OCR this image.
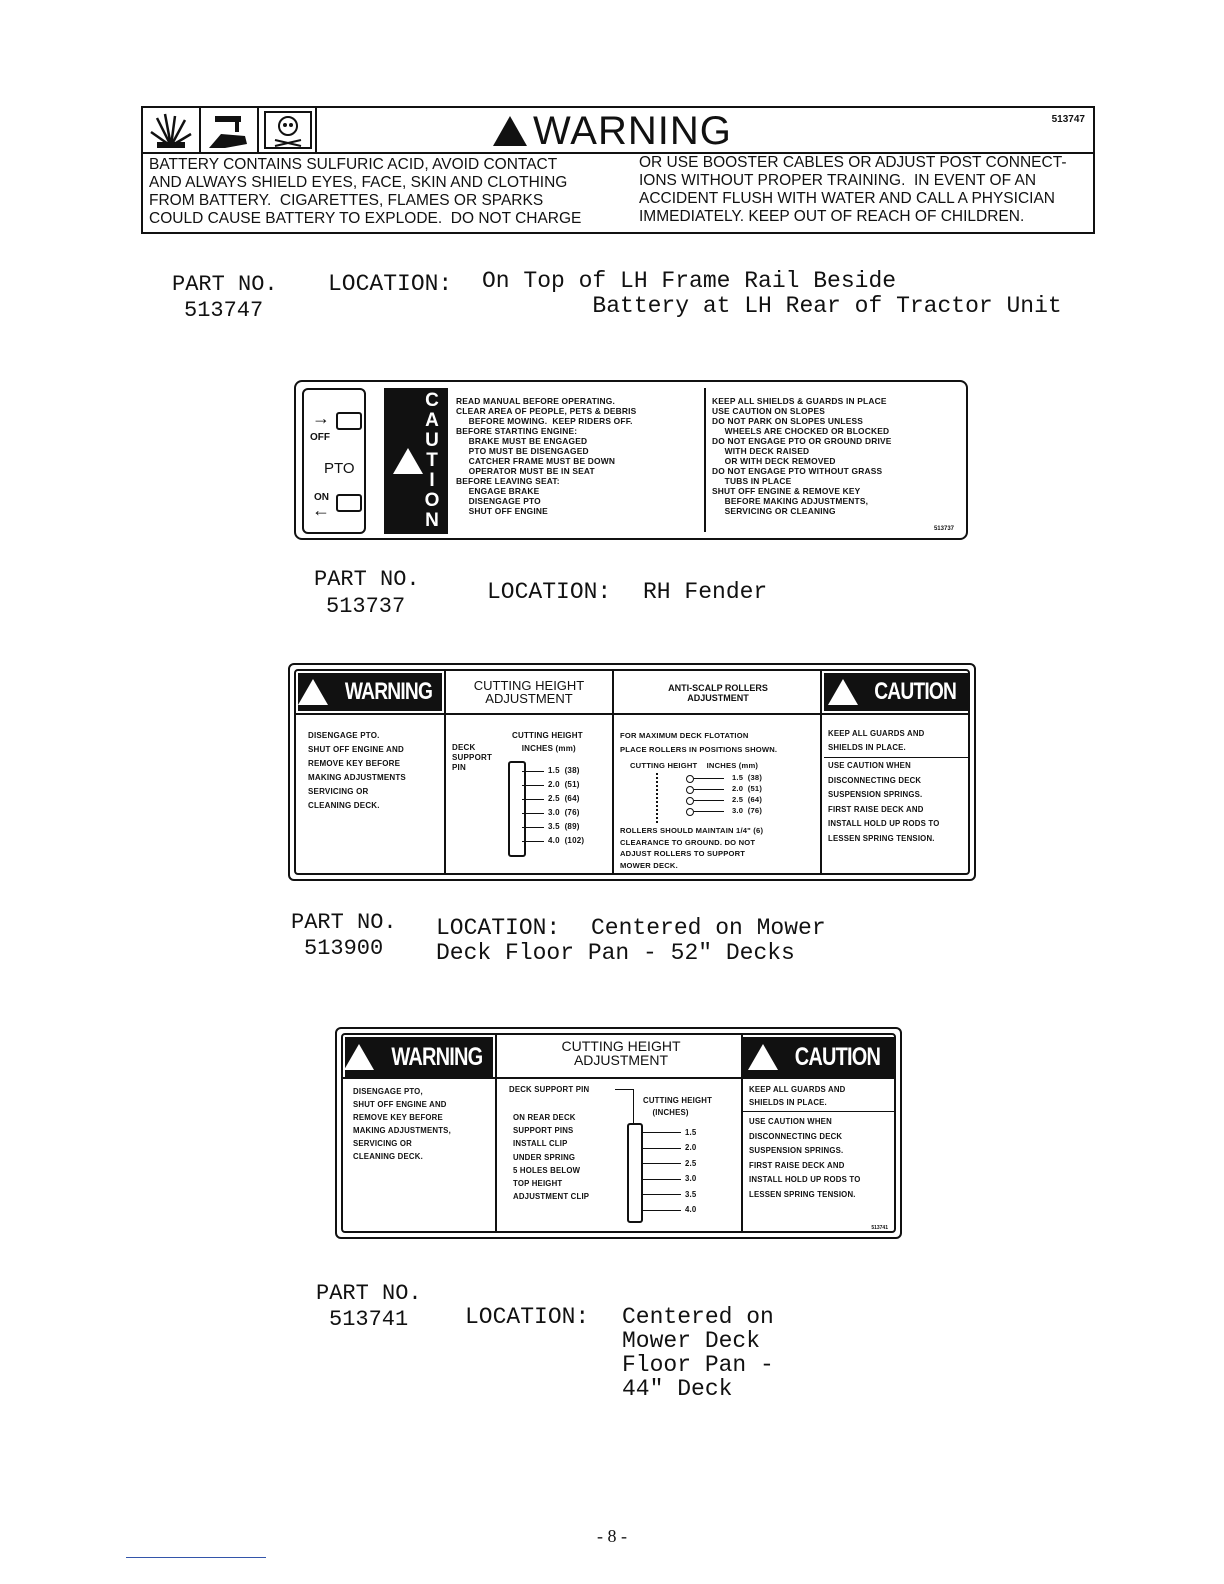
WARNING	513747
BATTERY CONTAINS SULFURIC ACID, AVOID CONTACT
AND ALWAYS SHIELD EYES, FACE, SKIN AND CLOTHING
FROM BATTERY.  CIGARETTES, FLAMES OR SPARKS
COULD CAUSE BATTERY TO EXPLODE.  DO NOT CHARGE
OR USE BOOSTER CABLES OR ADJUST POST CONNECT-
IONS WITHOUT PROPER TRAINING.  IN EVENT OF AN
ACCIDENT FLUSH WITH WATER AND CALL A PHYSICIAN
IMMEDIATELY. KEEP OUT OF REACH OF CHILDREN.
PART NO.
513747
LOCATION: On Top of LH Frame Rail Beside
Battery at LH Rear of Tractor Unit
→
OFF
PTO
ON
←
C
A
U
T
I
O
N
READ MANUAL BEFORE OPERATING.
CLEAR AREA OF PEOPLE, PETS & DEBRIS
BEFORE MOWING.  KEEP RIDERS OFF.
BEFORE STARTING ENGINE:
BRAKE MUST BE ENGAGED
PTO MUST BE DISENGAGED
CATCHER FRAME MUST BE DOWN
OPERATOR MUST BE IN SEAT
BEFORE LEAVING SEAT:
ENGAGE BRAKE
DISENGAGE PTO
SHUT OFF ENGINE
KEEP ALL SHIELDS & GUARDS IN PLACE
USE CAUTION ON SLOPES
DO NOT PARK ON SLOPES UNLESS
WHEELS ARE CHOCKED OR BLOCKED
DO NOT ENGAGE PTO OR GROUND DRIVE
WITH DECK RAISED
OR WITH DECK REMOVED
DO NOT ENGAGE PTO WITHOUT GRASS
TUBS IN PLACE
SHUT OFF ENGINE & REMOVE KEY
BEFORE MAKING ADJUSTMENTS,
SERVICING OR CLEANING
513737
PART NO.
513737
LOCATION: RH Fender
WARNING	CUTTING HEIGHT
ADJUSTMENT
ANTI-SCALP ROLLERS
ADJUSTMENT	CAUTION
DISENGAGE PTO.
SHUT OFF ENGINE AND
REMOVE KEY BEFORE
MAKING ADJUSTMENTS
SERVICING OR
CLEANING DECK.
DECK
SUPPORT
PIN
CUTTING HEIGHT
INCHES (mm)
1.5  (38)
2.0  (51)
2.5  (64)
3.0  (76)
3.5  (89)
4.0  (102)
FOR MAXIMUM DECK FLOTATION
PLACE ROLLERS IN POSITIONS SHOWN.
CUTTING HEIGHT    INCHES (mm)
1.5  (38)
2.0  (51)
2.5  (64)
3.0  (76)
ROLLERS SHOULD MAINTAIN 1/4" (6)
CLEARANCE TO GROUND. DO NOT
ADJUST ROLLERS TO SUPPORT
MOWER DECK.
KEEP ALL GUARDS AND
SHIELDS IN PLACE.
USE CAUTION WHEN
DISCONNECTING DECK
SUSPENSION SPRINGS.
FIRST RAISE DECK AND
INSTALL HOLD UP RODS TO
LESSEN SPRING TENSION.
PART NO.
513900
LOCATION:	Centered on Mower
Deck Floor Pan - 52" Decks
WARNING	CUTTING HEIGHT
ADJUSTMENT	CAUTION
DISENGAGE PTO,
SHUT OFF ENGINE AND
REMOVE KEY BEFORE
MAKING ADJUSTMENTS,
SERVICING OR
CLEANING DECK.
DECK SUPPORT PIN
ON REAR DECK
SUPPORT PINS
INSTALL CLIP
UNDER SPRING
5 HOLES BELOW
TOP HEIGHT
ADJUSTMENT CLIP
CUTTING HEIGHT
(INCHES)
1.5
2.0
2.5
3.0
3.5
4.0
KEEP ALL GUARDS AND
SHIELDS IN PLACE.
USE CAUTION WHEN
DISCONNECTING DECK
SUSPENSION SPRINGS.
FIRST RAISE DECK AND
INSTALL HOLD UP RODS TO
LESSEN SPRING TENSION.
513741
PART NO.
513741 LOCATION: Centered on
Mower Deck
Floor Pan -
44" Deck
- 8 -
